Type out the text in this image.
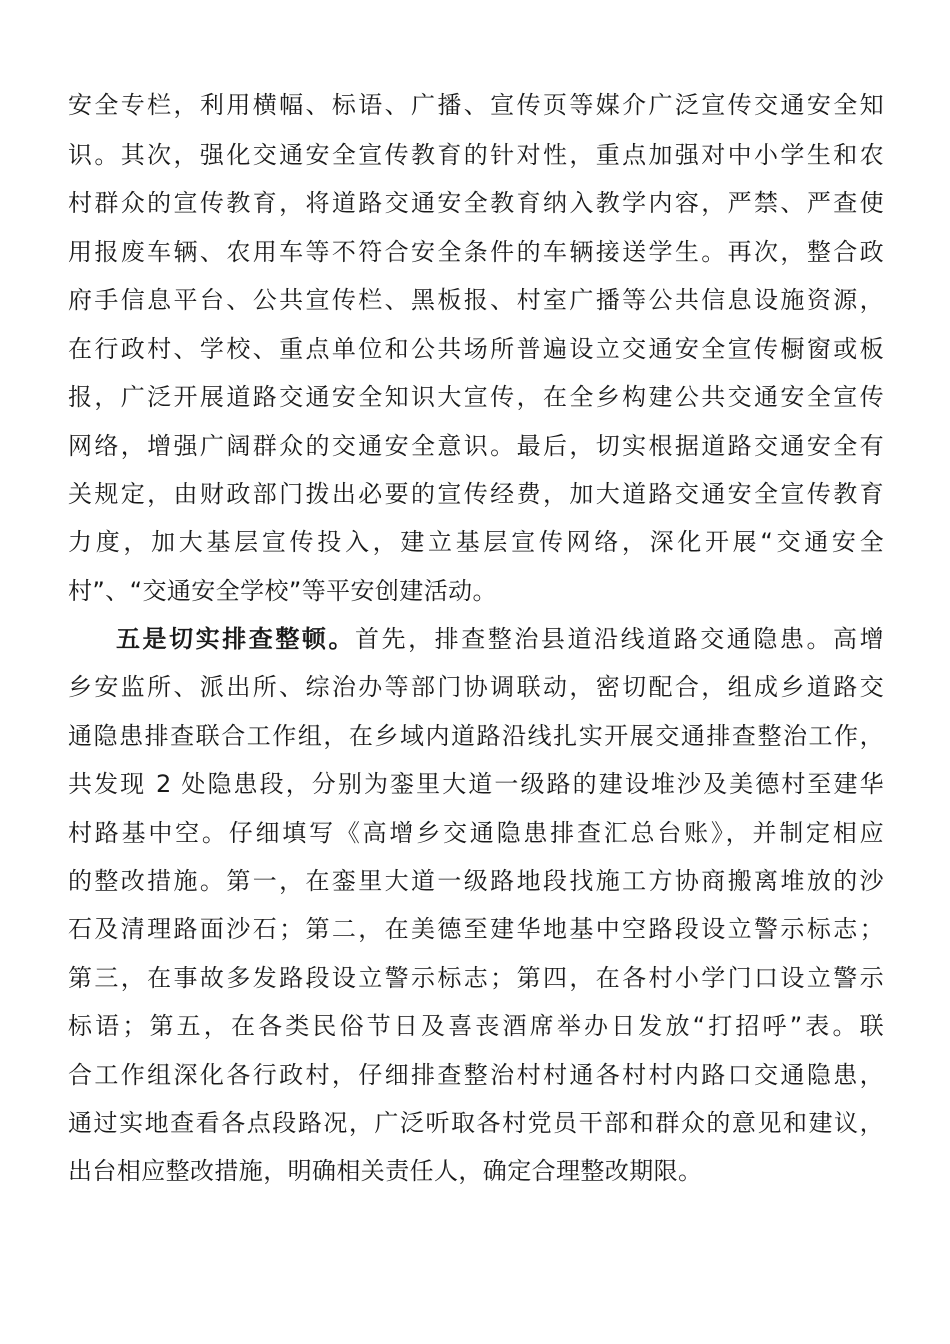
安全专栏，利用横幅、标语、广播、宣传页等媒介广泛宣传交通安全知
识。其次，强化交通安全宣传教育的针对性，重点加强对中小学生和农
村群众的宣传教育，将道路交通安全教育纳入教学内容，严禁、严查使
用报废车辆、农用车等不符合安全条件的车辆接送学生。再次，整合政
府手信息平台、公共宣传栏、黑板报、村室广播等公共信息设施资源，
在行政村、学校、重点单位和公共场所普遍设立交通安全宣传橱窗或板
报，广泛开展道路交通安全知识大宣传，在全乡构建公共交通安全宣传
网络，增强广阔群众的交通安全意识。最后，切实根据道路交通安全有
关规定，由财政部门拨出必要的宣传经费，加大道路交通安全宣传教育
力度，加大基层宣传投入，建立基层宣传网络，深化开展“交通安全
村”、“交通安全学校”等平安创建活动。
五是切实排查整顿。首先，排查整治县道沿线道路交通隐患。高增
乡安监所、派出所、综治办等部门协调联动，密切配合，组成乡道路交
通隐患排查联合工作组，在乡域内道路沿线扎实开展交通排查整治工作，
共发现 2 处隐患段，分别为銮里大道一级路的建设堆沙及美德村至建华
村路基中空。仔细填写《高增乡交通隐患排查汇总台账》，并制定相应
的整改措施。第一，在銮里大道一级路地段找施工方协商搬离堆放的沙
石及清理路面沙石；第二，在美德至建华地基中空路段设立警示标志；
第三，在事故多发路段设立警示标志；第四，在各村小学门口设立警示
标语；第五，在各类民俗节日及喜丧酒席举办日发放“打招呼”表。联
合工作组深化各行政村，仔细排查整治村村通各村村内路口交通隐患，
通过实地查看各点段路况，广泛听取各村党员干部和群众的意见和建议，
出台相应整改措施，明确相关责任人，确定合理整改期限。
